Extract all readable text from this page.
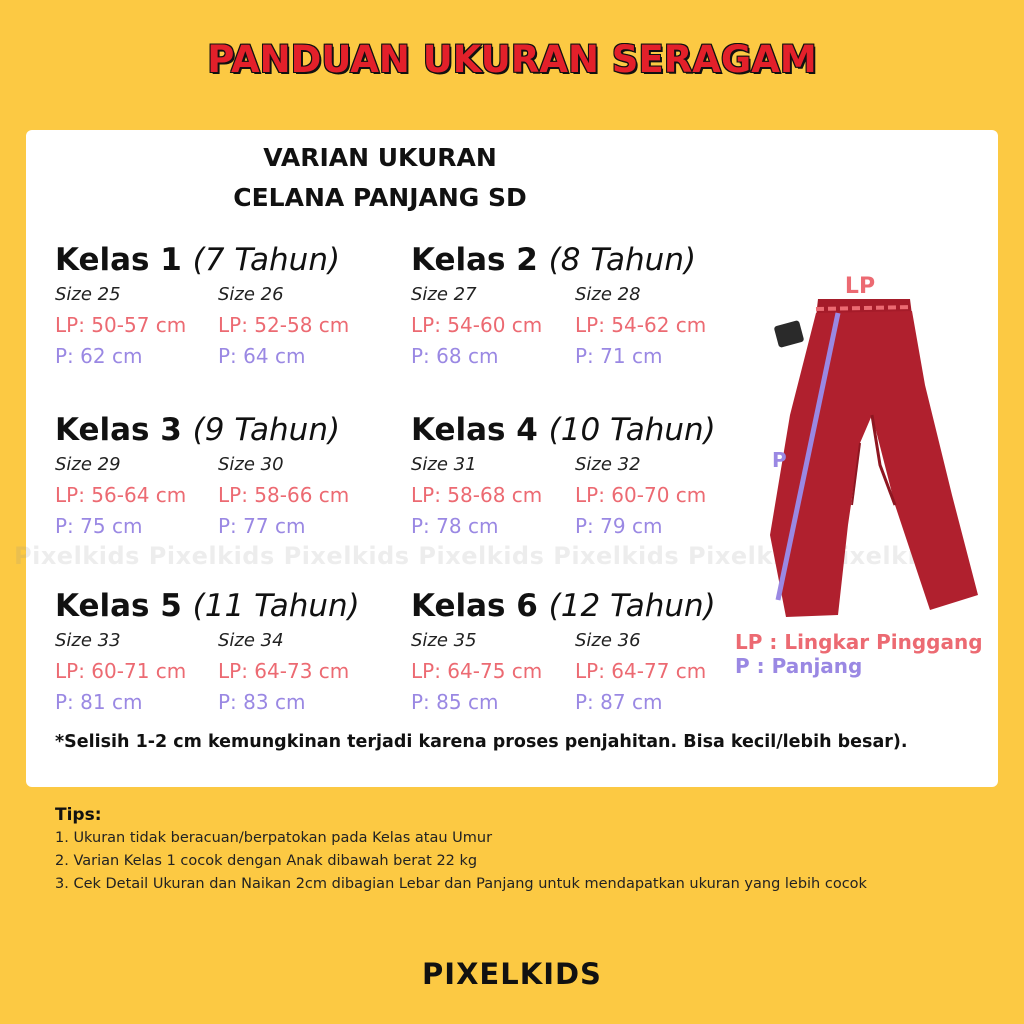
PANDUAN UKURAN SERAGAM
VARIAN UKURAN
CELANA PANJANG SD
Kelas 1 (7 Tahun)
Size 25
LP: 50-57 cm
P: 62 cm
Size 26
LP: 52-58 cm
P: 64 cm
Kelas 2 (8 Tahun)
Size 27
LP: 54-60 cm
P: 68 cm
Size 28
LP: 54-62 cm
P: 71 cm
Kelas 3 (9 Tahun)
Size 29
LP: 56-64 cm
P: 75 cm
Size 30
LP: 58-66 cm
P: 77 cm
Kelas 4 (10 Tahun)
Size 31
LP: 58-68 cm
P: 78 cm
Size 32
LP: 60-70 cm
P: 79 cm
Kelas 5 (11 Tahun)
Size 33
LP: 60-71 cm
P: 81 cm
Size 34
LP: 64-73 cm
P: 83 cm
Kelas 6 (12 Tahun)
Size 35
LP: 64-75 cm
P: 85 cm
Size 36
LP: 64-77 cm
P: 87 cm
LP
P
LP : Lingkar Pinggang
P : Panjang
*Selisih 1-2 cm kemungkinan terjadi karena proses penjahitan. Bisa kecil/lebih besar).
Tips:
1. Ukuran tidak beracuan/berpatokan pada Kelas atau Umur
2. Varian Kelas 1 cocok dengan Anak dibawah berat 22 kg
3. Cek Detail Ukuran dan Naikan 2cm dibagian Lebar dan Panjang untuk mendapatkan ukuran yang lebih cocok
PIXELKIDS
